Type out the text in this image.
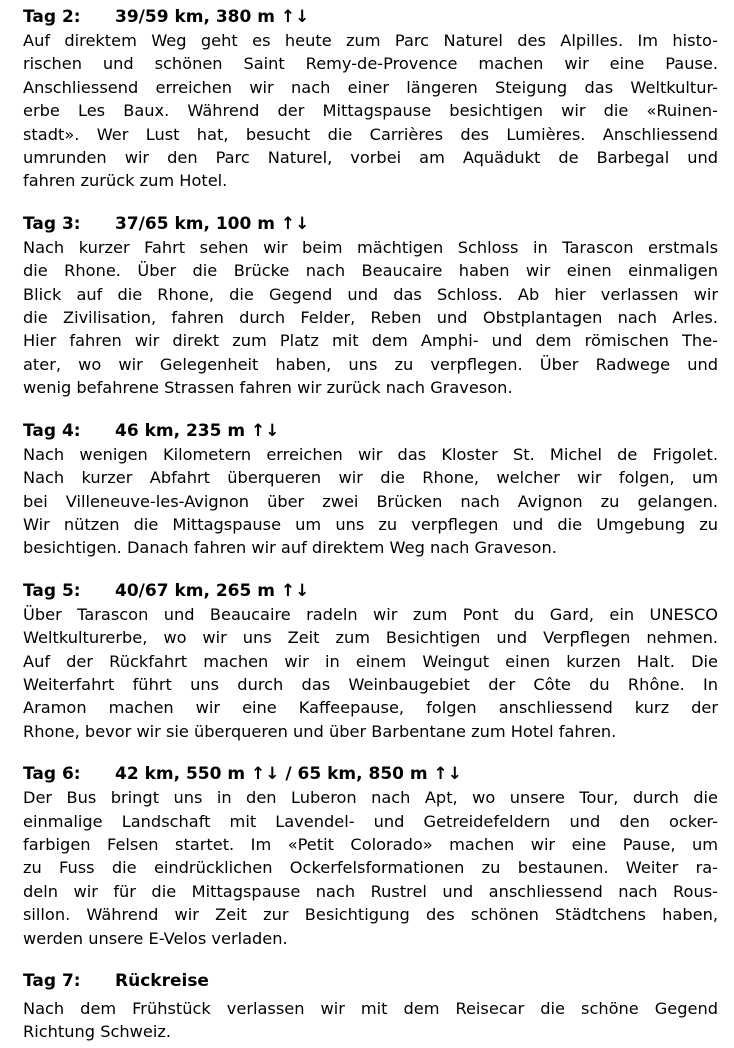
Tag 2: 39/59 km, 380 m ↑↓
Auf direktem Weg geht es heute zum Parc Naturel des Alpilles. Im histo-
rischen und schönen Saint Remy-de-Provence machen wir eine Pause.
Anschliessend erreichen wir nach einer längeren Steigung das Weltkultur-
erbe Les Baux. Während der Mittagspause besichtigen wir die «Ruinen-
stadt». Wer Lust hat, besucht die Carrières des Lumières. Anschliessend
umrunden wir den Parc Naturel, vorbei am Aquädukt de Barbegal und
fahren zurück zum Hotel.
Tag 3: 37/65 km, 100 m ↑↓
Nach kurzer Fahrt sehen wir beim mächtigen Schloss in Tarascon erstmals
die Rhone. Über die Brücke nach Beaucaire haben wir einen einmaligen
Blick auf die Rhone, die Gegend und das Schloss. Ab hier verlassen wir
die Zivilisation, fahren durch Felder, Reben und Obstplantagen nach Arles.
Hier fahren wir direkt zum Platz mit dem Amphi- und dem römischen The-
ater, wo wir Gelegenheit haben, uns zu verpflegen. Über Radwege und
wenig befahrene Strassen fahren wir zurück nach Graveson.
Tag 4: 46 km, 235 m ↑↓
Nach wenigen Kilometern erreichen wir das Kloster St. Michel de Frigolet.
Nach kurzer Abfahrt überqueren wir die Rhone, welcher wir folgen, um
bei Villeneuve-les-Avignon über zwei Brücken nach Avignon zu gelangen.
Wir nützen die Mittagspause um uns zu verpflegen und die Umgebung zu
besichtigen. Danach fahren wir auf direktem Weg nach Graveson.
Tag 5: 40/67 km, 265 m ↑↓
Über Tarascon und Beaucaire radeln wir zum Pont du Gard, ein UNESCO
Weltkulturerbe, wo wir uns Zeit zum Besichtigen und Verpflegen nehmen.
Auf der Rückfahrt machen wir in einem Weingut einen kurzen Halt. Die
Weiterfahrt führt uns durch das Weinbaugebiet der Côte du Rhône. In
Aramon machen wir eine Kaffeepause, folgen anschliessend kurz der
Rhone, bevor wir sie überqueren und über Barbentane zum Hotel fahren.
Tag 6: 42 km, 550 m ↑↓ / 65 km, 850 m ↑↓
Der Bus bringt uns in den Luberon nach Apt, wo unsere Tour, durch die
einmalige Landschaft mit Lavendel- und Getreidefeldern und den ocker-
farbigen Felsen startet. Im «Petit Colorado» machen wir eine Pause, um
zu Fuss die eindrücklichen Ockerfelsformationen zu bestaunen. Weiter ra-
deln wir für die Mittagspause nach Rustrel und anschliessend nach Rous-
sillon. Während wir Zeit zur Besichtigung des schönen Städtchens haben,
werden unsere E-Velos verladen.
Tag 7: Rückreise
Nach dem Frühstück verlassen wir mit dem Reisecar die schöne Gegend
Richtung Schweiz.
